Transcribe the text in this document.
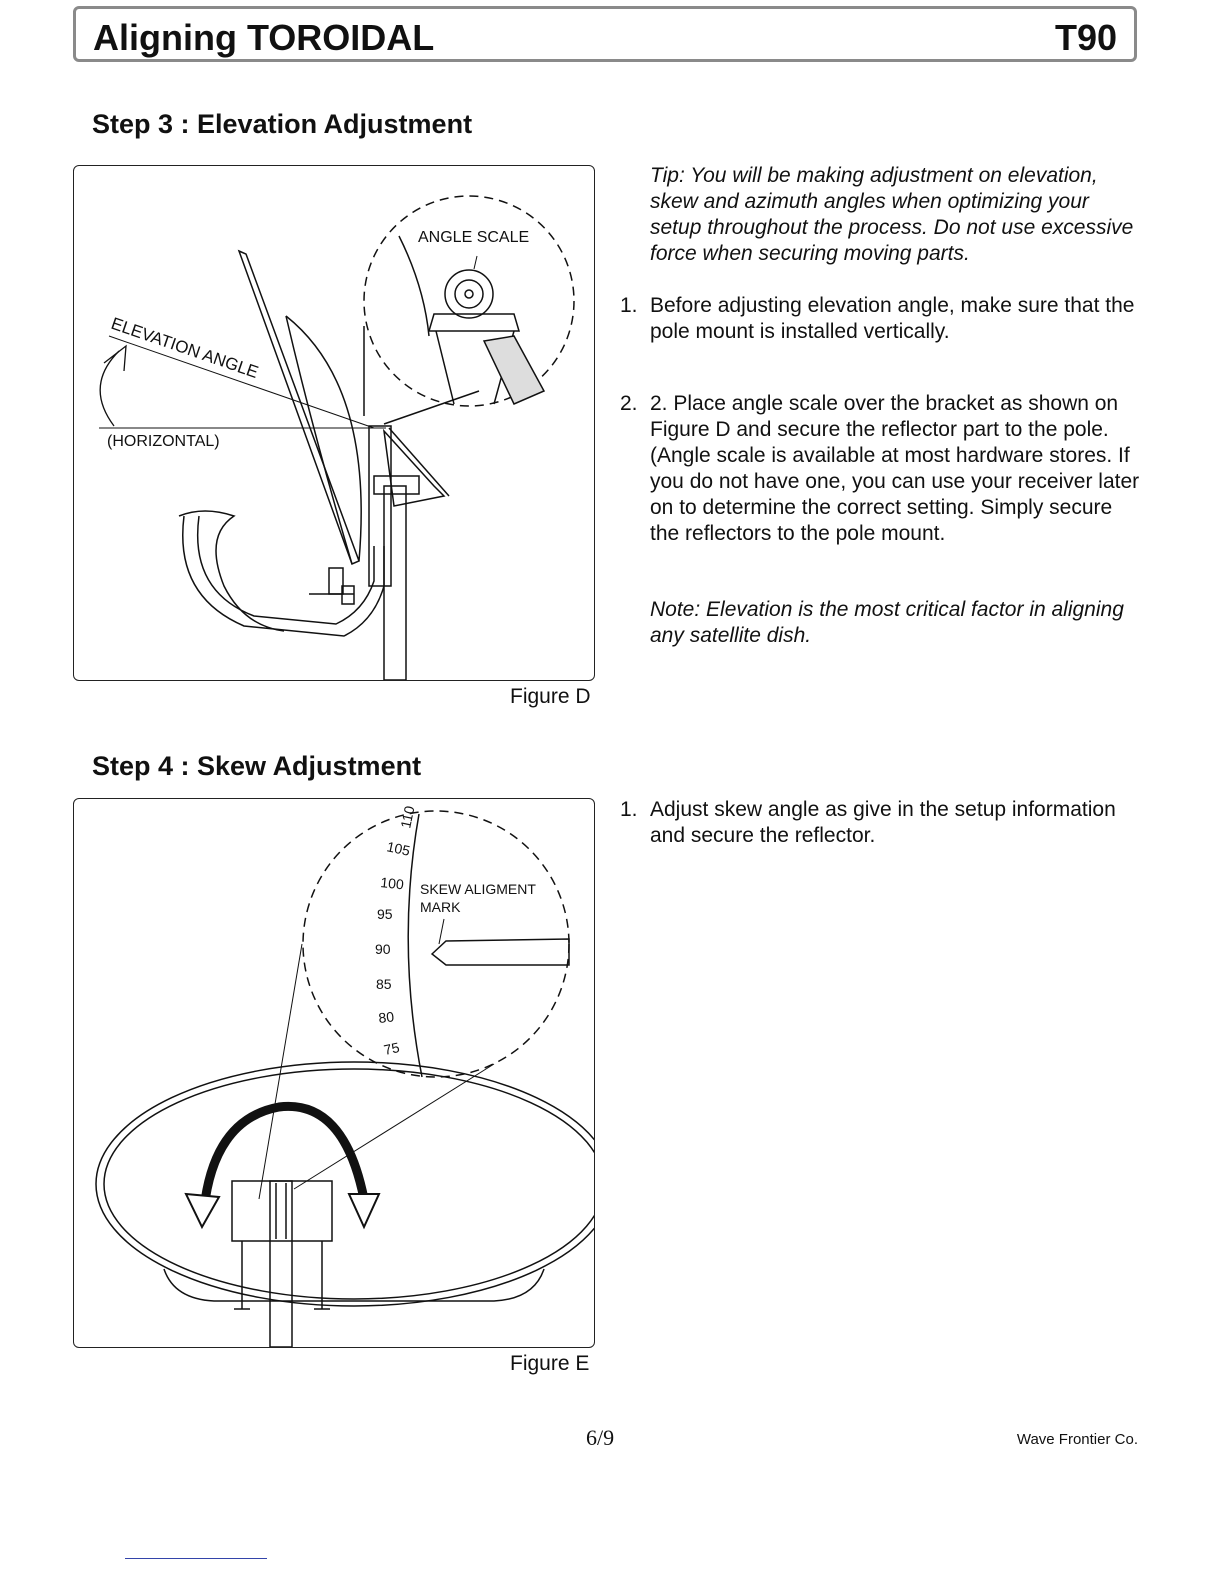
Aligning TOROIDAL	T90
Step 3 : Elevation Adjustment
ANGLE SCALE
ELEVATION ANGLE
(HORIZONTAL)
Figure D
Tip: You will be making adjustment on elevation, skew and azimuth angles when optimizing your setup throughout the process. Do not use excessive force when securing moving parts.
1. Before adjusting elevation angle, make sure that the pole mount is installed vertically.
2. 2. Place angle scale over the bracket as shown on Figure D and secure the reflector part to the pole. (Angle scale is available at most hardware stores. If you do not have one, you can use your receiver later on to determine the correct setting. Simply secure the reflectors to the pole mount.
Note: Elevation is the most critical factor in aligning any satellite dish.
Step 4 : Skew Adjustment
110
105
100
95
90
85
80
75
SKEW ALIGMENT
MARK
Figure E
1. Adjust skew angle as give in the setup information and secure the reflector.
6/9	Wave Frontier Co.
